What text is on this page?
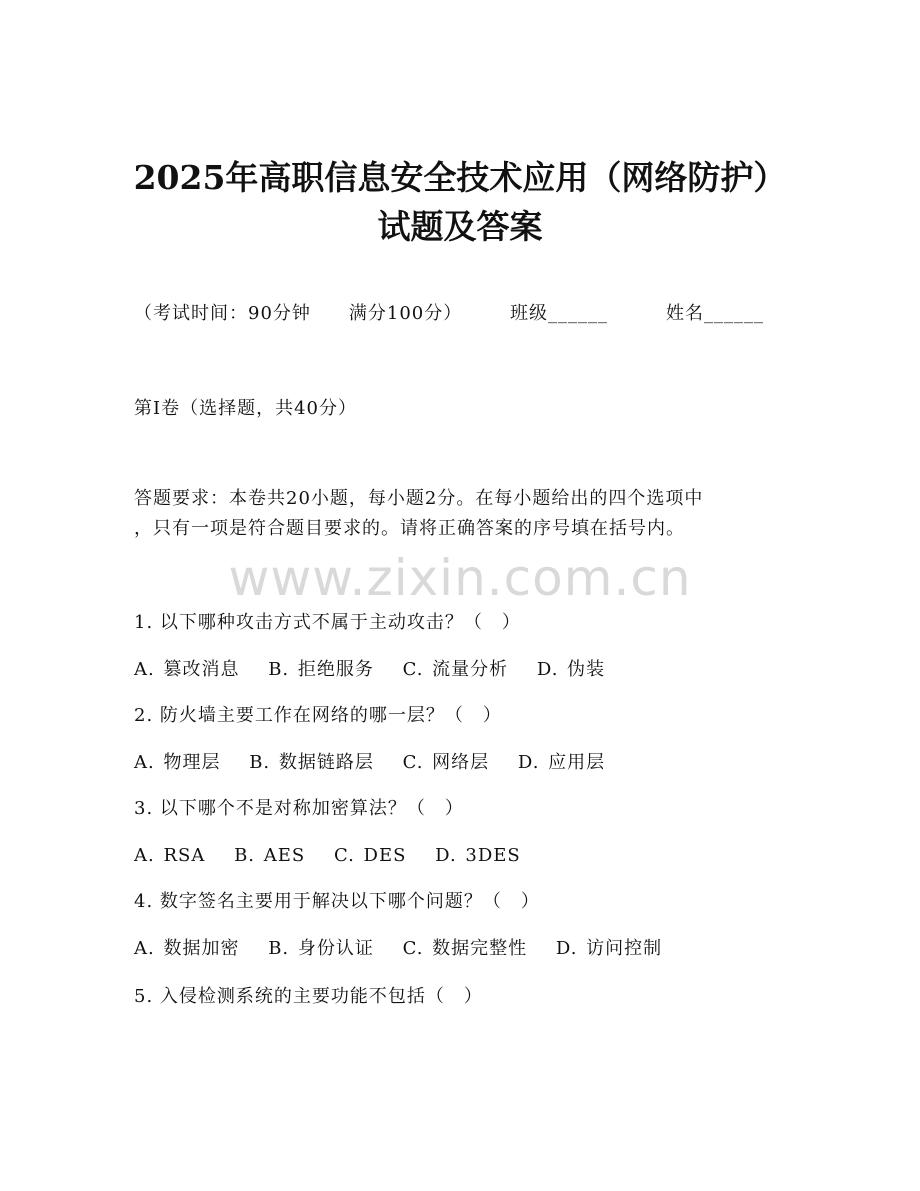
2025年高职信息安全技术应用（网络防护）
试题及答案
（考试时间：90分钟　　满分100分）	班级______	姓名______
第Ⅰ卷（选择题，共40分）
答题要求：本卷共20小题，每小题2分。在每小题给出的四个选项中
，只有一项是符合题目要求的。请将正确答案的序号填在括号内。
www.zixin.com.cn
1. 以下哪种攻击方式不属于主动攻击？（　）
A. 篡改消息 B. 拒绝服务 C. 流量分析 D. 伪装
2. 防火墙主要工作在网络的哪一层？（　）
A. 物理层 B. 数据链路层 C. 网络层 D. 应用层
3. 以下哪个不是对称加密算法？（　）
A. RSA B. AES C. DES D. 3DES
4. 数字签名主要用于解决以下哪个问题？（　）
A. 数据加密 B. 身份认证 C. 数据完整性 D. 访问控制
5. 入侵检测系统的主要功能不包括（　）
